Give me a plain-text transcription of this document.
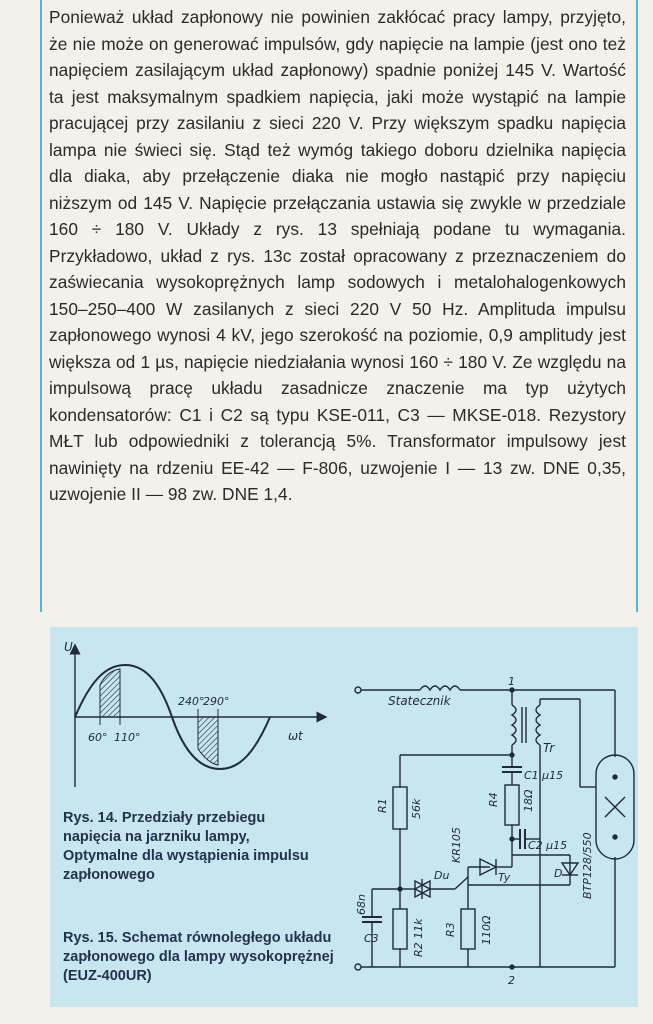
Ponieważ układ zapłonowy nie powinien zakłócać pracy lampy, przyjęto, że nie może on generować impulsów, gdy napięcie na lampie (jest ono też napięciem zasilającym układ zapłonowy) spadnie poniżej 145 V. Wartość ta jest maksymalnym spadkiem napięcia, jaki może wystąpić na lampie pracującej przy zasilaniu z sieci 220 V. Przy większym spadku napięcia lampa nie świeci się. Stąd też wymóg takiego doboru dzielnika napięcia dla diaka, aby przełączenie diaka nie mogło nastąpić przy napięciu niższym od 145 V. Napięcie przełączania ustawia się zwykle w przedziale 160 ÷ 180 V. Układy z rys. 13 spełniają podane tu wymagania. Przykładowo, układ z rys. 13c został opracowany z przeznaczeniem do zaświecania wysokoprężnych lamp sodowych i metalohalogenkowych 150–250–400 W zasilanych z sieci 220 V 50 Hz. Amplituda impulsu zapłonowego wynosi 4 kV, jego szerokość na poziomie, 0,9 amplitudy jest większa od 1 µs, napięcie niedziałania wynosi 160 ÷ 180 V. Ze względu na impulsową pracę układu zasadnicze znaczenie ma typ użytych kondensatorów: C1 i C2 są typu KSE-011, C3 — MKSE-018. Rezystory MŁT lub odpowiedniki z tolerancją 5%. Transformator impulsowy jest nawinięty na rdzeniu EE-42 — F-806, uzwojenie I — 13 zw. DNE 0,35, uzwojenie II — 98 zw. DNE 1,4.

U
ωt
60° 110°
240°
290°	Statecznik
1
2
Tr
C1 µ15
R4 18Ω
C2 µ15
R1 56k
KR105
Du	Ty	D BTP128/550
C3
68n
R2 11k R3 110Ω
Rys. 14. Przedziały przebiegu napięcia na jarzniku lampy, Optymalne dla wystąpienia impulsu zapłonowego
Rys. 15. Schemat równoległego układu zapłonowego dla lampy wysokoprężnej (EUZ-400UR)
